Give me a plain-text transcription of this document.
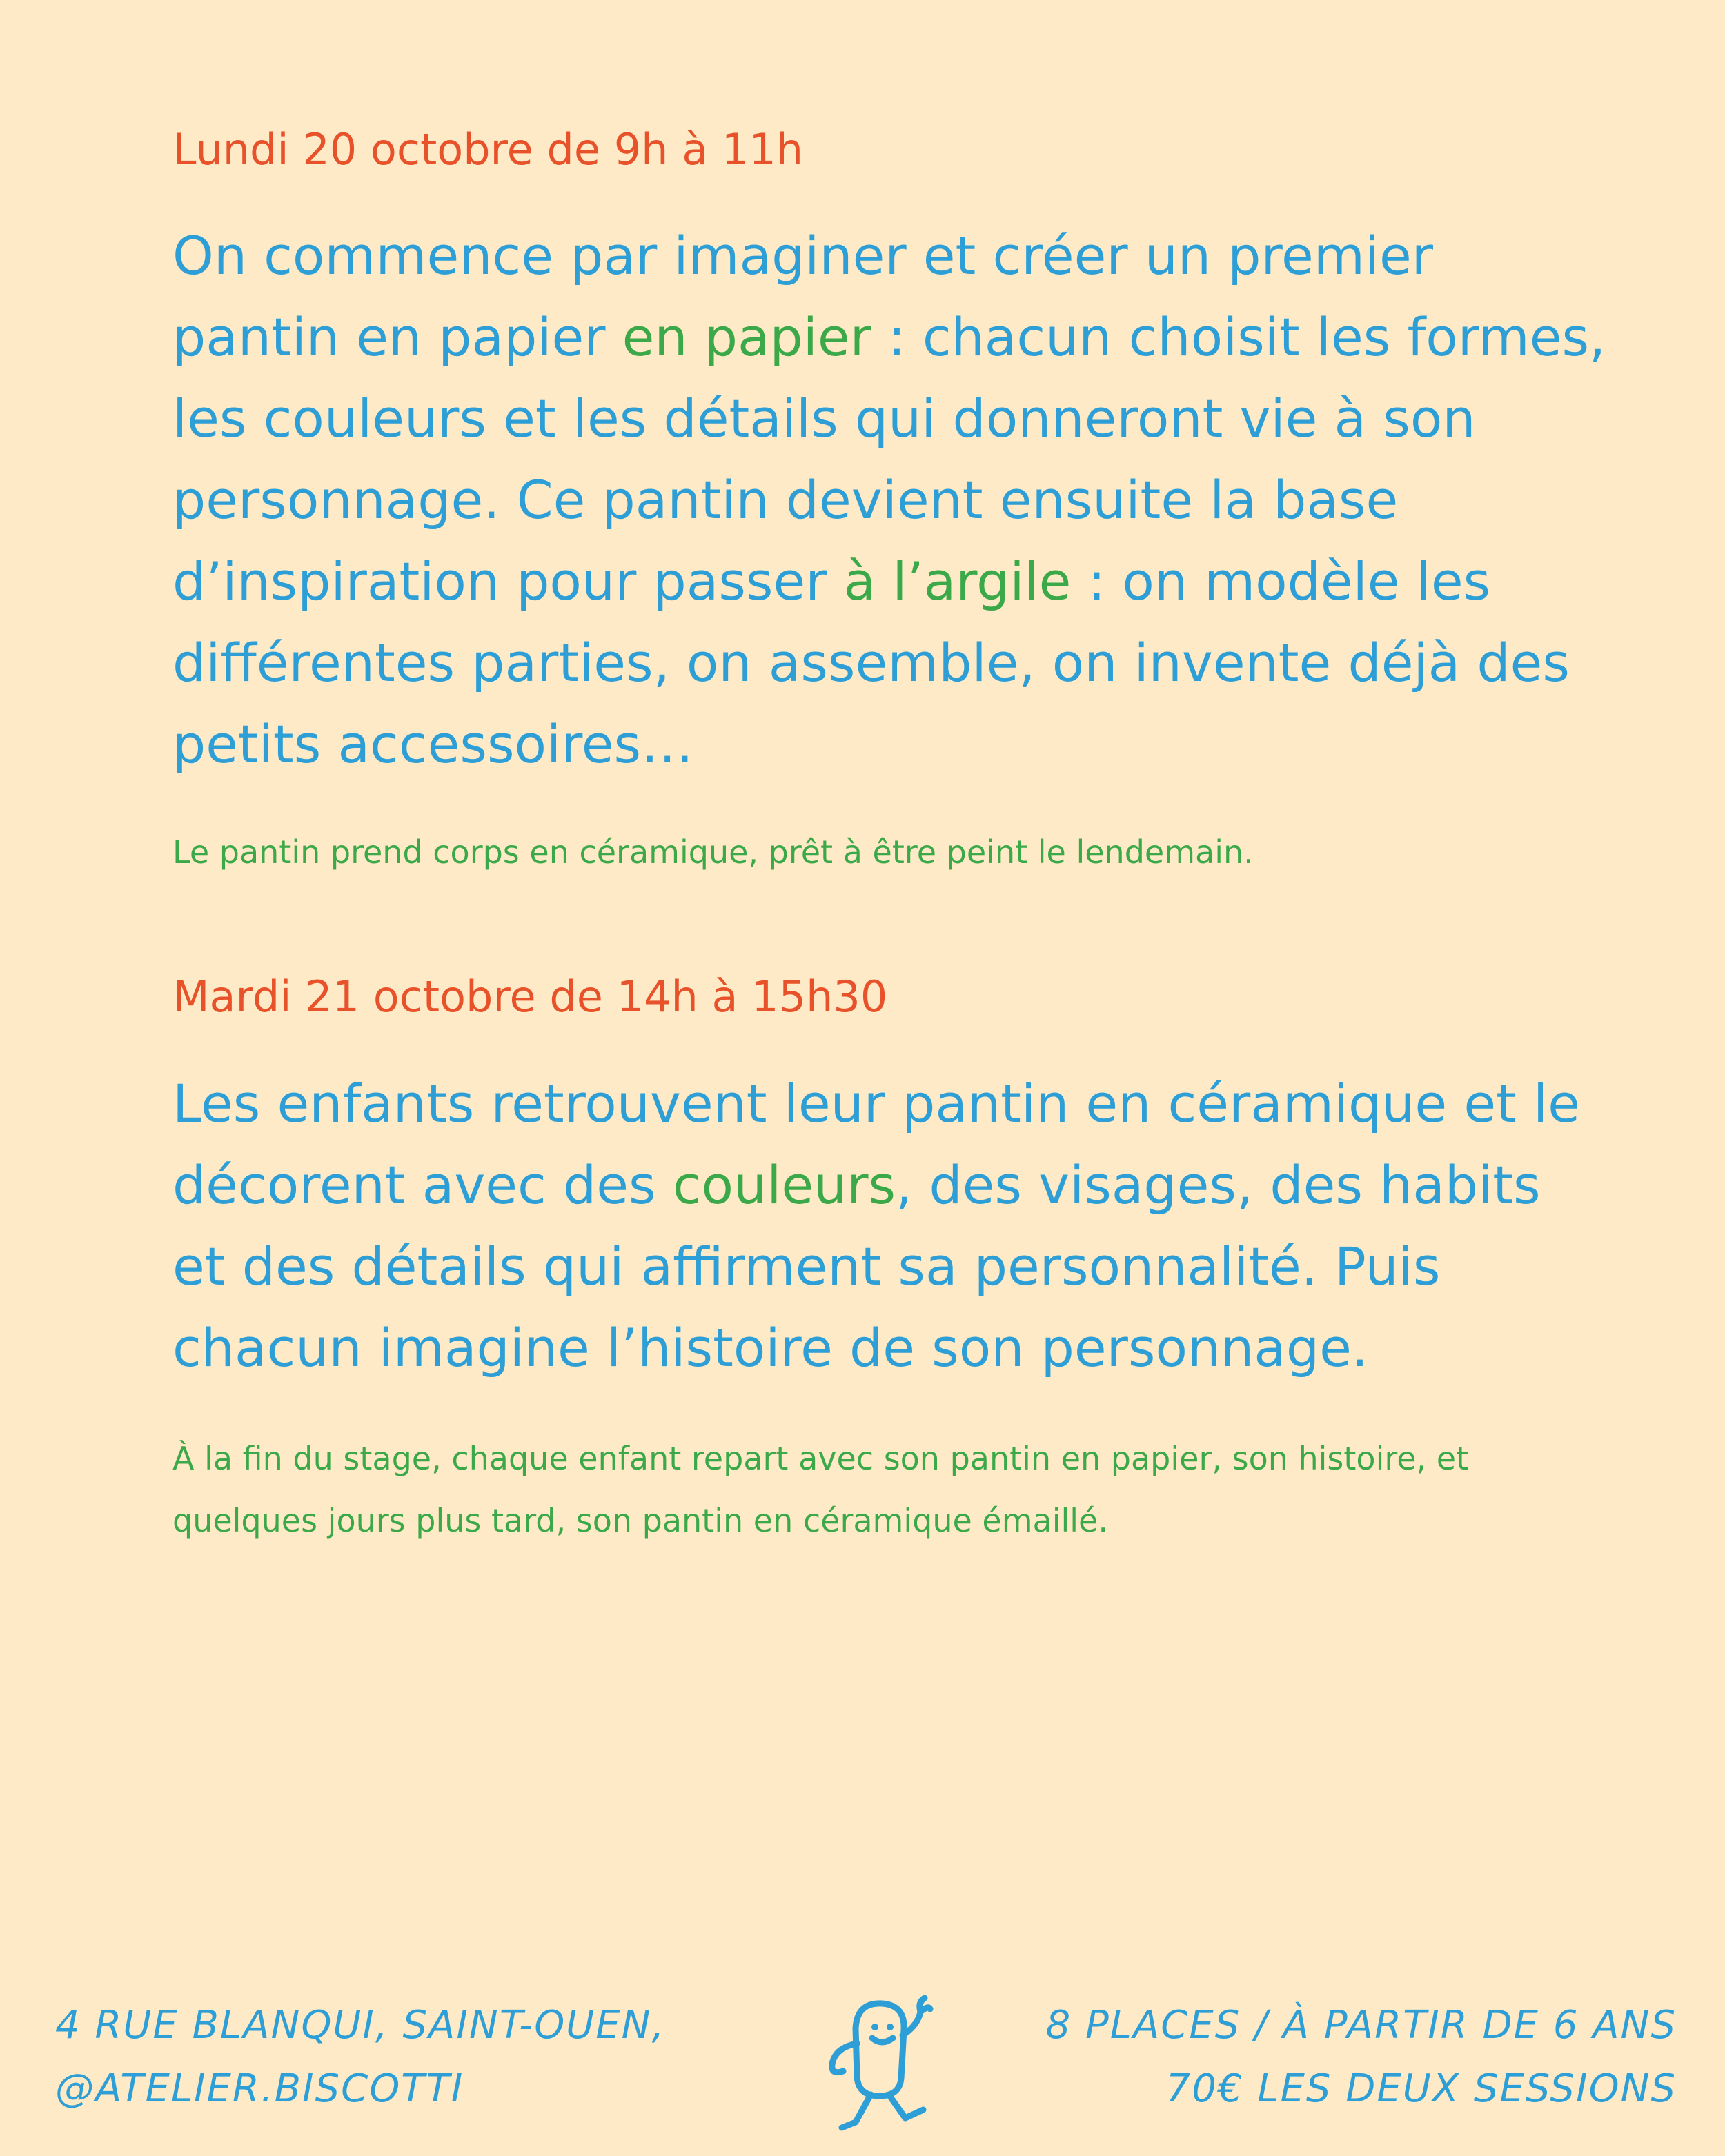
Lundi 20 octobre de 9h à 11h

On commence par imaginer et créer un premier pantin en papier en papier : chacun choisit les formes, les couleurs et les détails qui donneront vie à son personnage. Ce pantin devient ensuite la base d’inspiration pour passer à l’argile : on modèle les différentes parties, on assemble, on invente déjà des petits accessoires…

Le pantin prend corps en céramique, prêt à être peint le lendemain.

Mardi 21 octobre de 14h à 15h30

Les enfants retrouvent leur pantin en céramique et le décorent avec des couleurs, des visages, des habits et des détails qui affirment sa personnalité. Puis chacun imagine l’histoire de son personnage.

À la fin du stage, chaque enfant repart avec son pantin en papier, son histoire, et quelques jours plus tard, son pantin en céramique émaillé.

4 RUE BLANQUI, SAINT-OUEN,
@ATELIER.BISCOTTI
8 PLACES / À PARTIR DE 6 ANS
70€ LES DEUX SESSIONS
